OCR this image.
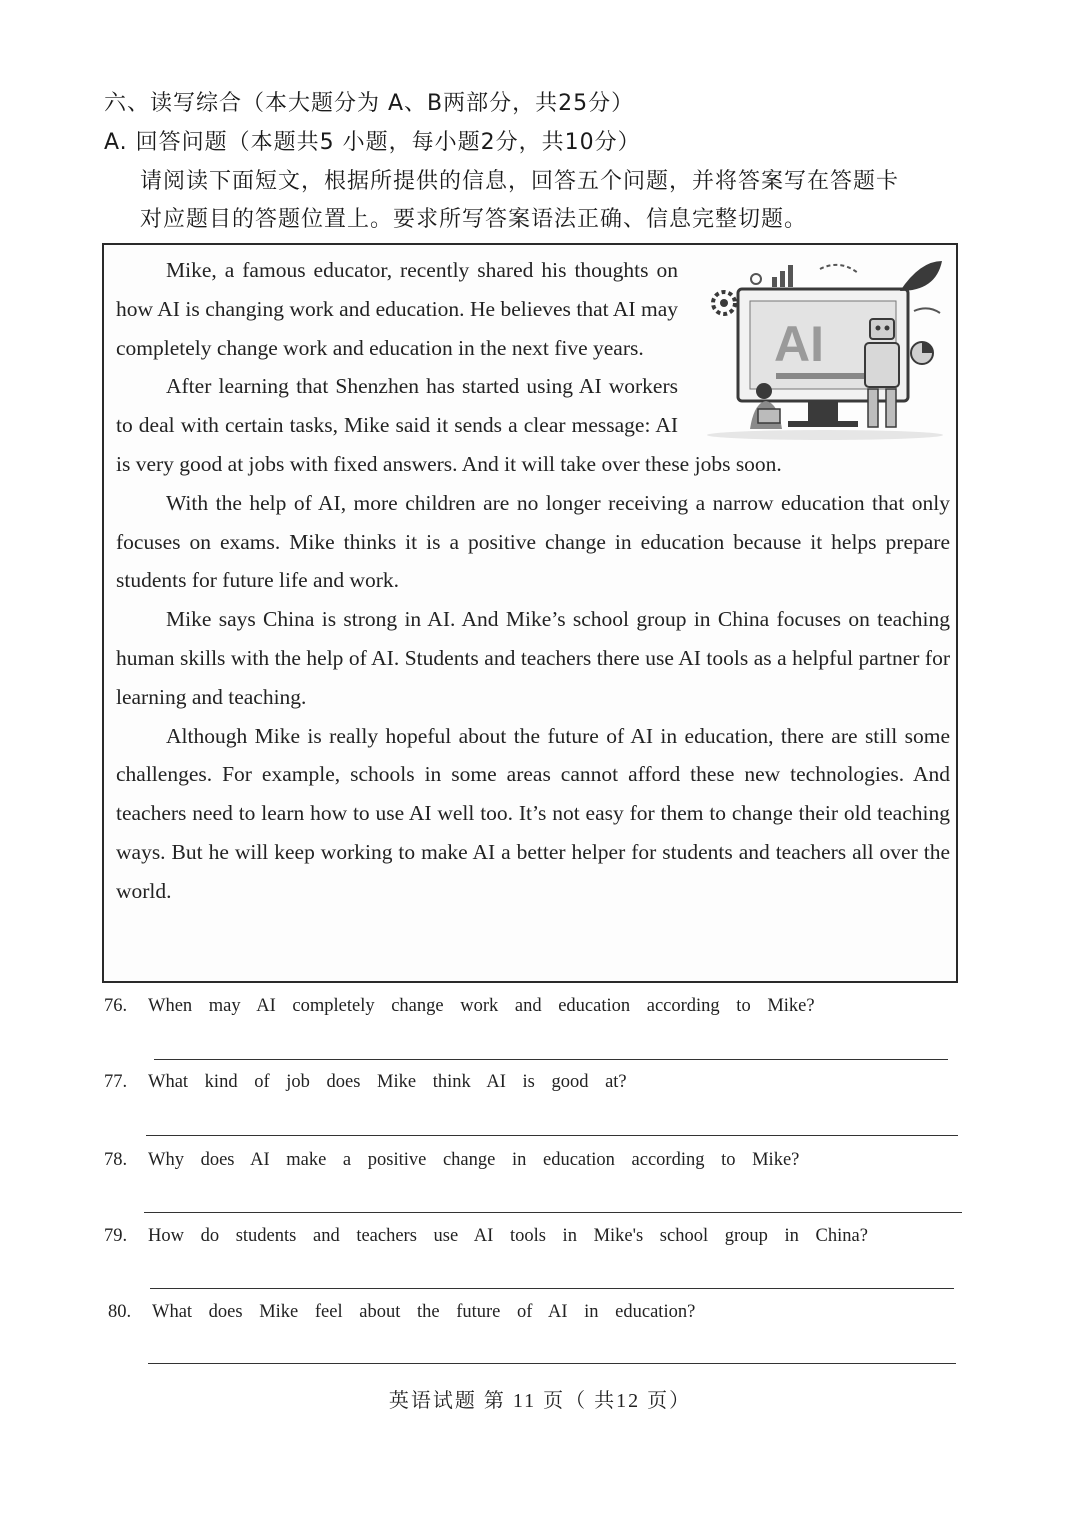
六、读写综合（本大题分为 A、B两部分，共25分）
A. 回答问题（本题共5 小题，每小题2分，共10分）
请阅读下面短文，根据所提供的信息，回答五个问题，并将答案写在答题卡
对应题目的答题位置上。要求所写答案语法正确、信息完整切题。
AI

Mike, a famous educator, recently shared his thoughts on how AI is changing work and education. He believes that AI may completely change work and education in the next five years.

After learning that Shenzhen has started using AI workers to deal with certain tasks, Mike said it sends a clear message: AI is very good at jobs with fixed answers. And it will take over these jobs soon.

With the help of AI, more children are no longer receiving a narrow education that only focuses on exams. Mike thinks it is a positive change in education because it helps prepare students for future life and work.

Mike says China is strong in AI. And Mike’s school group in China focuses on teaching human skills with the help of AI. Students and teachers there use AI tools as a helpful partner for learning and teaching.

Although Mike is really hopeful about the future of AI in education, there are still some challenges. For example, schools in some areas cannot afford these new technologies. And teachers need to learn how to use AI well too. It’s not easy for them to change their old teaching ways. But he will keep working to make AI a better helper for students and teachers all over the world.

76. When may AI completely change work and education according to Mike?
77. What kind of job does Mike think AI is good at?
78. Why does AI make a positive change in education according to Mike?
79. How do students and teachers use AI tools in Mike's school group in China?
80. What does Mike feel about the future of AI in education?
英语试题 第 11 页（ 共12 页）
